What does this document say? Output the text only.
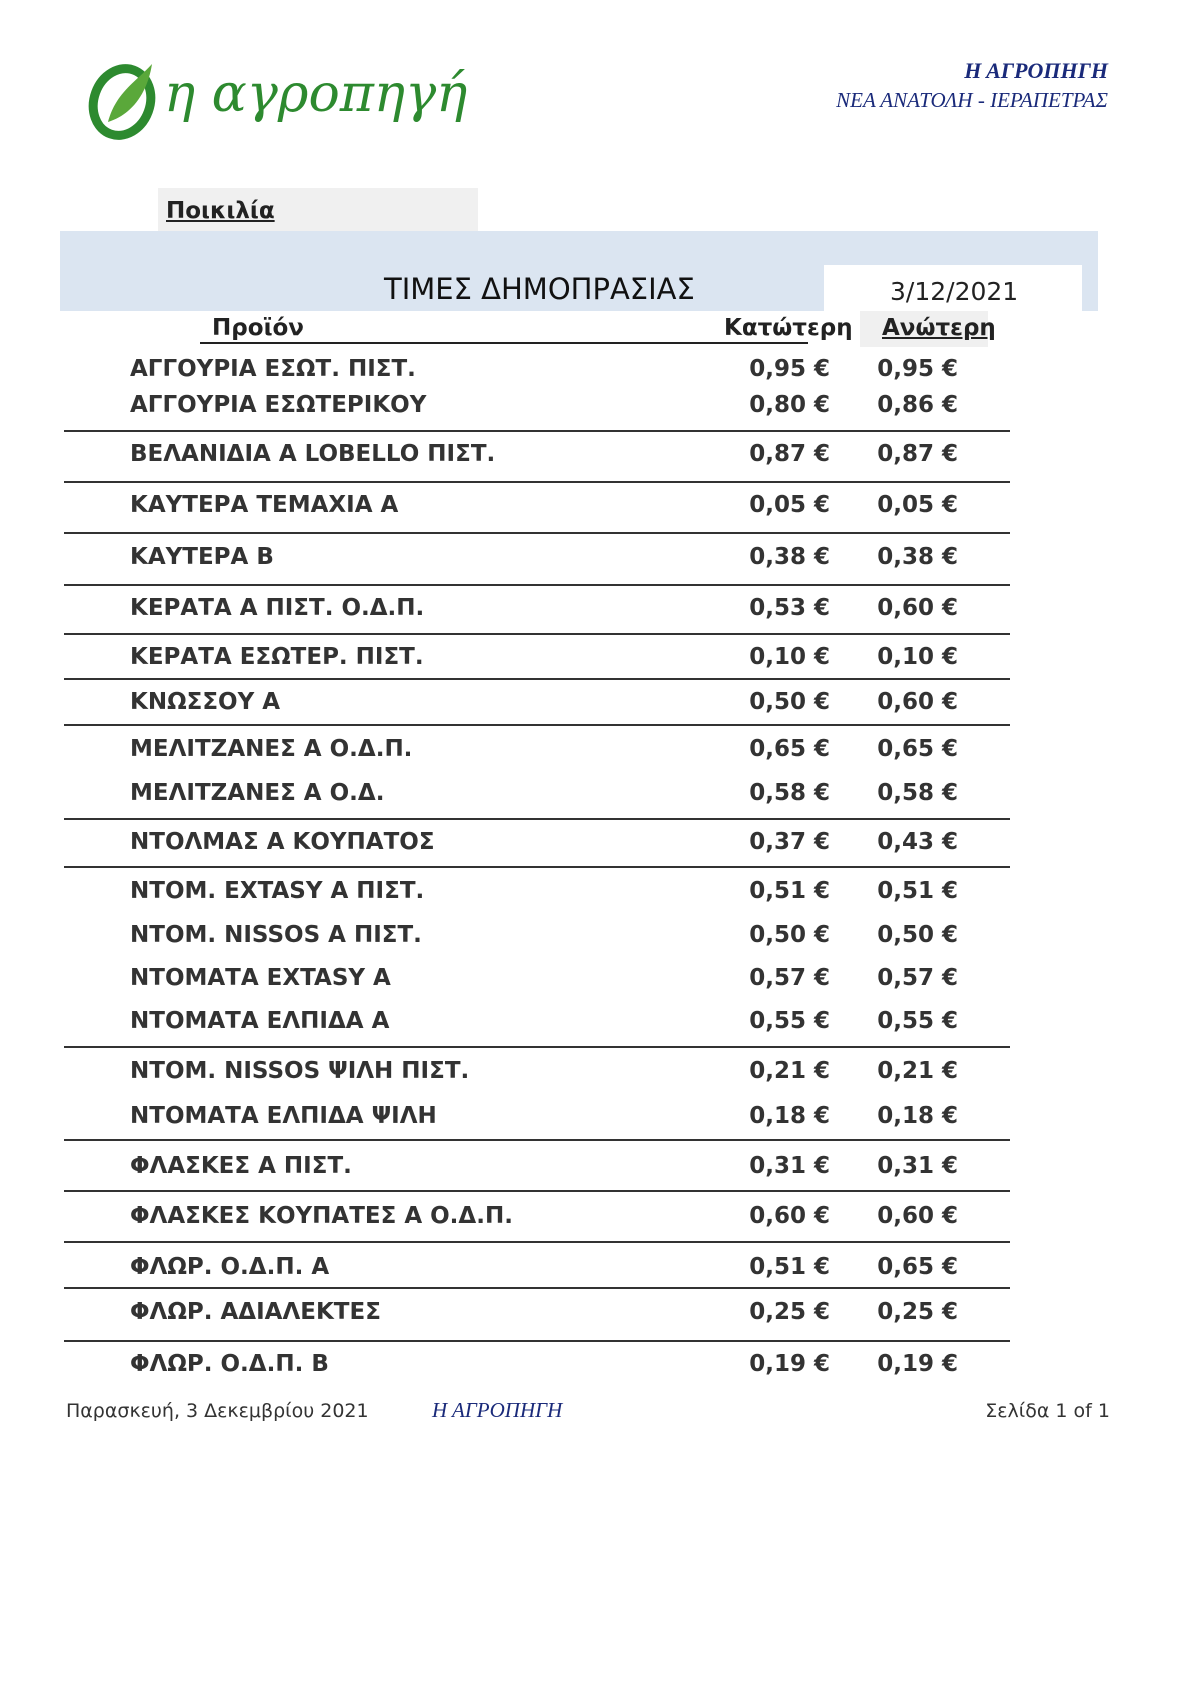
η αγροπηγή	Η ΑΓΡΟΠΗΓΗ
ΝΕΑ ΑΝΑΤΟΛΗ - ΙΕΡΑΠΕΤΡΑΣ
Ποικιλία
ΤΙΜΕΣ ΔΗΜΟΠΡΑΣΙΑΣ	3/12/2021
Προϊόν	Κατώτερη Ανώτερη
ΑΓΓΟΥΡΙΑ ΕΣΩΤ. ΠΙΣΤ.	0,95 €	0,95 €
ΑΓΓΟΥΡΙΑ ΕΣΩΤΕΡΙΚΟΥ	0,80 €	0,86 €
ΒΕΛΑΝΙΔΙΑ Α LOBELLO ΠΙΣΤ.	0,87 €	0,87 €
ΚΑΥΤΕΡΑ ΤΕΜΑΧΙΑ Α	0,05 €	0,05 €
ΚΑΥΤΕΡΑ Β	0,38 €	0,38 €
ΚΕΡΑΤΑ Α ΠΙΣΤ. Ο.Δ.Π.	0,53 €	0,60 €
ΚΕΡΑΤΑ ΕΣΩΤΕΡ. ΠΙΣΤ.	0,10 €	0,10 €
ΚΝΩΣΣΟΥ Α	0,50 €	0,60 €
ΜΕΛΙΤΖΑΝΕΣ Α Ο.Δ.Π.	0,65 €	0,65 €
ΜΕΛΙΤΖΑΝΕΣ Α Ο.Δ.	0,58 €	0,58 €
ΝΤΟΛΜΑΣ Α ΚΟΥΠΑΤΟΣ	0,37 €	0,43 €
ΝΤΟΜ. EXTASY Α ΠΙΣΤ.	0,51 €	0,51 €
ΝΤΟΜ. NISSOS Α ΠΙΣΤ.	0,50 €	0,50 €
ΝΤΟΜΑΤΑ EXTASY Α	0,57 €	0,57 €
ΝΤΟΜΑΤΑ ΕΛΠΙΔΑ Α	0,55 €	0,55 €
ΝΤΟΜ. NISSOS ΨΙΛΗ ΠΙΣΤ.	0,21 €	0,21 €
ΝΤΟΜΑΤΑ ΕΛΠΙΔΑ ΨΙΛΗ	0,18 €	0,18 €
ΦΛΑΣΚΕΣ Α ΠΙΣΤ.	0,31 €	0,31 €
ΦΛΑΣΚΕΣ ΚΟΥΠΑΤΕΣ Α Ο.Δ.Π.	0,60 €	0,60 €
ΦΛΩΡ. Ο.Δ.Π. Α	0,51 €	0,65 €
ΦΛΩΡ. ΑΔΙΑΛΕΚΤΕΣ	0,25 €	0,25 €
ΦΛΩΡ. Ο.Δ.Π. Β	0,19 €	0,19 €
Παρασκευή, 3 Δεκεμβρίου 2021	Η ΑΓΡΟΠΗΓΗ	Σελίδα 1 of 1
